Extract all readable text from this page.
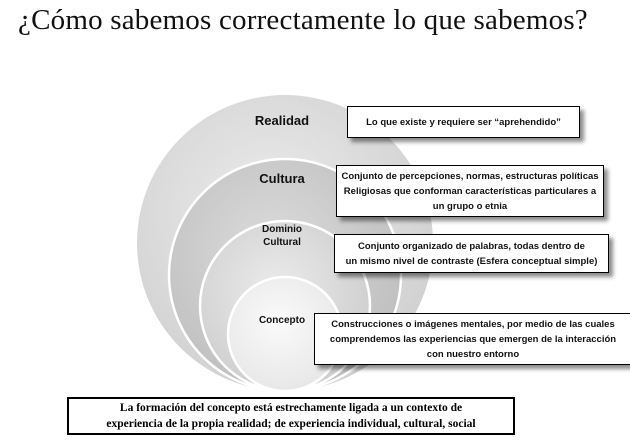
¿Cómo sabemos correctamente lo que sabemos?
Realidad
Cultura
Dominio
Cultural
Concepto
Lo que existe y requiere ser “aprehendido”
Conjunto de percepciones, normas, estructuras políticas
Religiosas que conforman características particulares a
un grupo o etnia
Conjunto organizado de palabras, todas dentro de
un mismo nivel de contraste (Esfera conceptual simple)
Construcciones o imágenes mentales, por medio de las cuales
comprendemos las experiencias que emergen de la interacción
con nuestro entorno
La formación del concepto está estrechamente ligada a un contexto de
experiencia de la propia realidad; de experiencia individual, cultural, social
